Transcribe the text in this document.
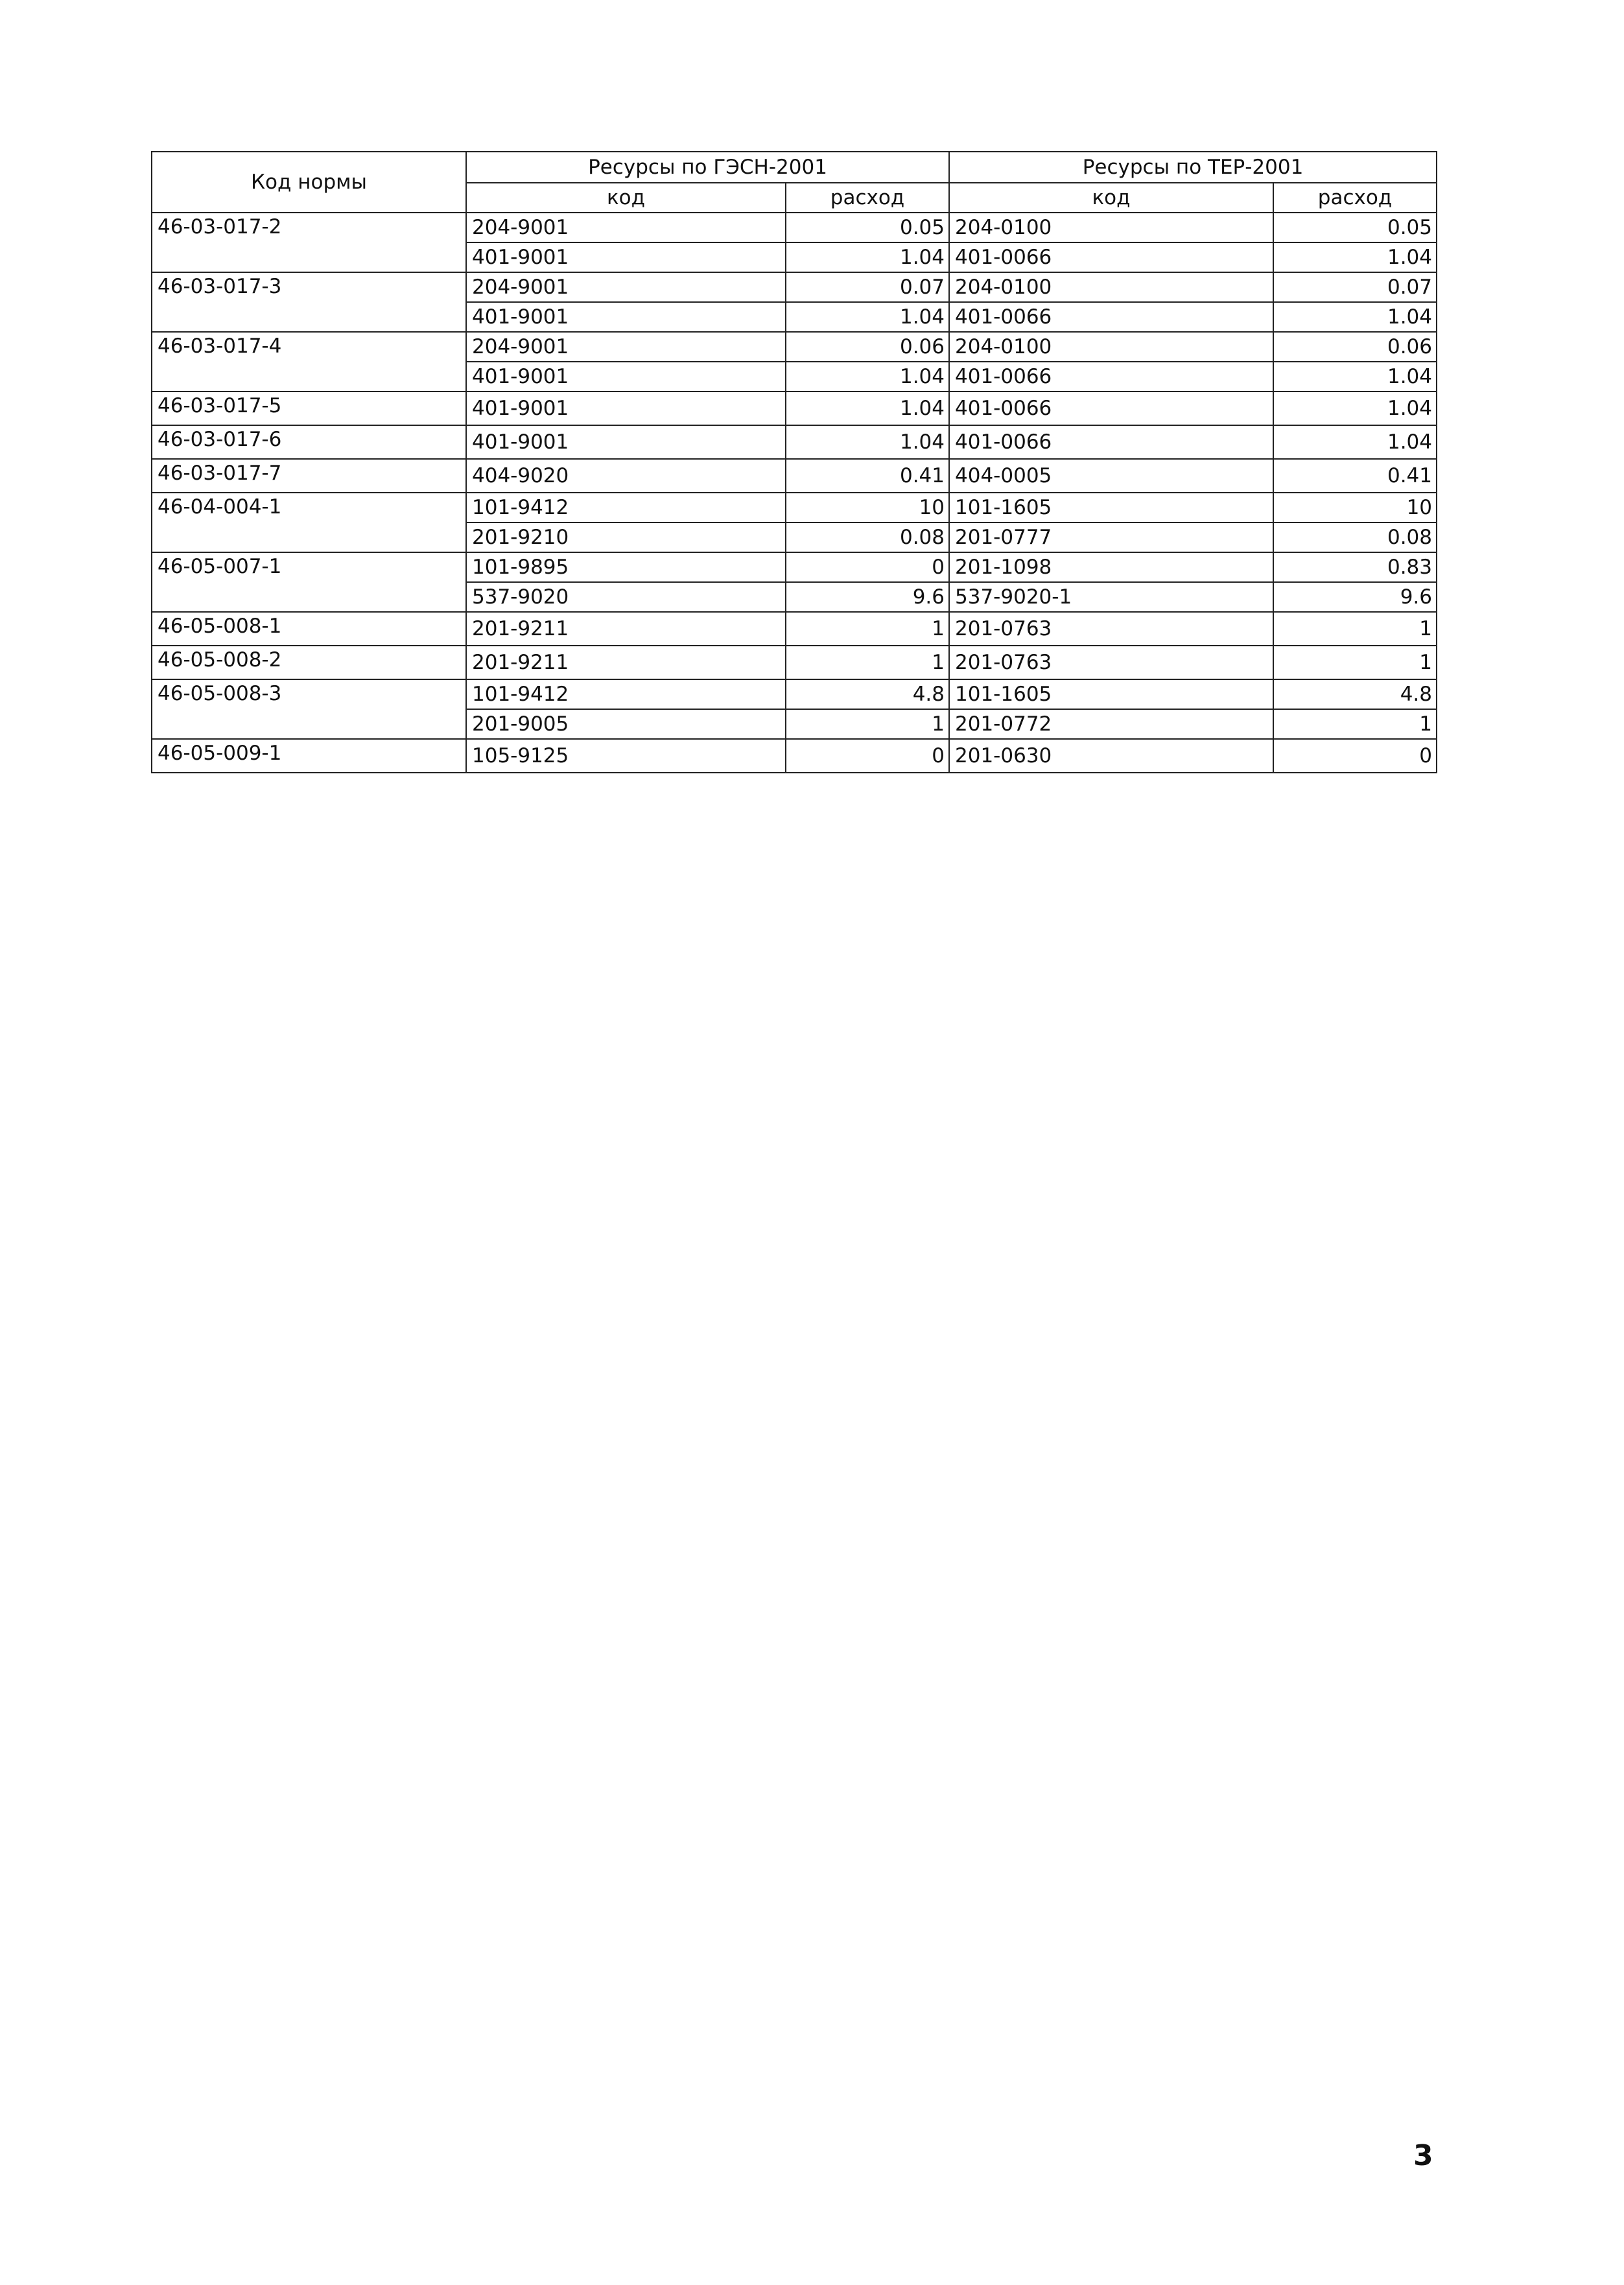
Код нормы	Ресурсы по ГЭСН-2001		Ресурсы по ТЕР-2001	
	код	расход	код	расход
46-03-017-2	204-9001	0.05	204-0100	0.05
	401-9001	1.04	401-0066	1.04
46-03-017-3	204-9001	0.07	204-0100	0.07
	401-9001	1.04	401-0066	1.04
46-03-017-4	204-9001	0.06	204-0100	0.06
	401-9001	1.04	401-0066	1.04
46-03-017-5	401-9001	1.04	401-0066	1.04
46-03-017-6	401-9001	1.04	401-0066	1.04
46-03-017-7	404-9020	0.41	404-0005	0.41
46-04-004-1	101-9412	10	101-1605	10
	201-9210	0.08	201-0777	0.08
46-05-007-1	101-9895	0	201-1098	0.83
	537-9020	9.6	537-9020-1	9.6
46-05-008-1	201-9211	1	201-0763	1
46-05-008-2	201-9211	1	201-0763	1
46-05-008-3	101-9412	4.8	101-1605	4.8
	201-9005	1	201-0772	1
46-05-009-1	105-9125	0	201-0630	0
3
